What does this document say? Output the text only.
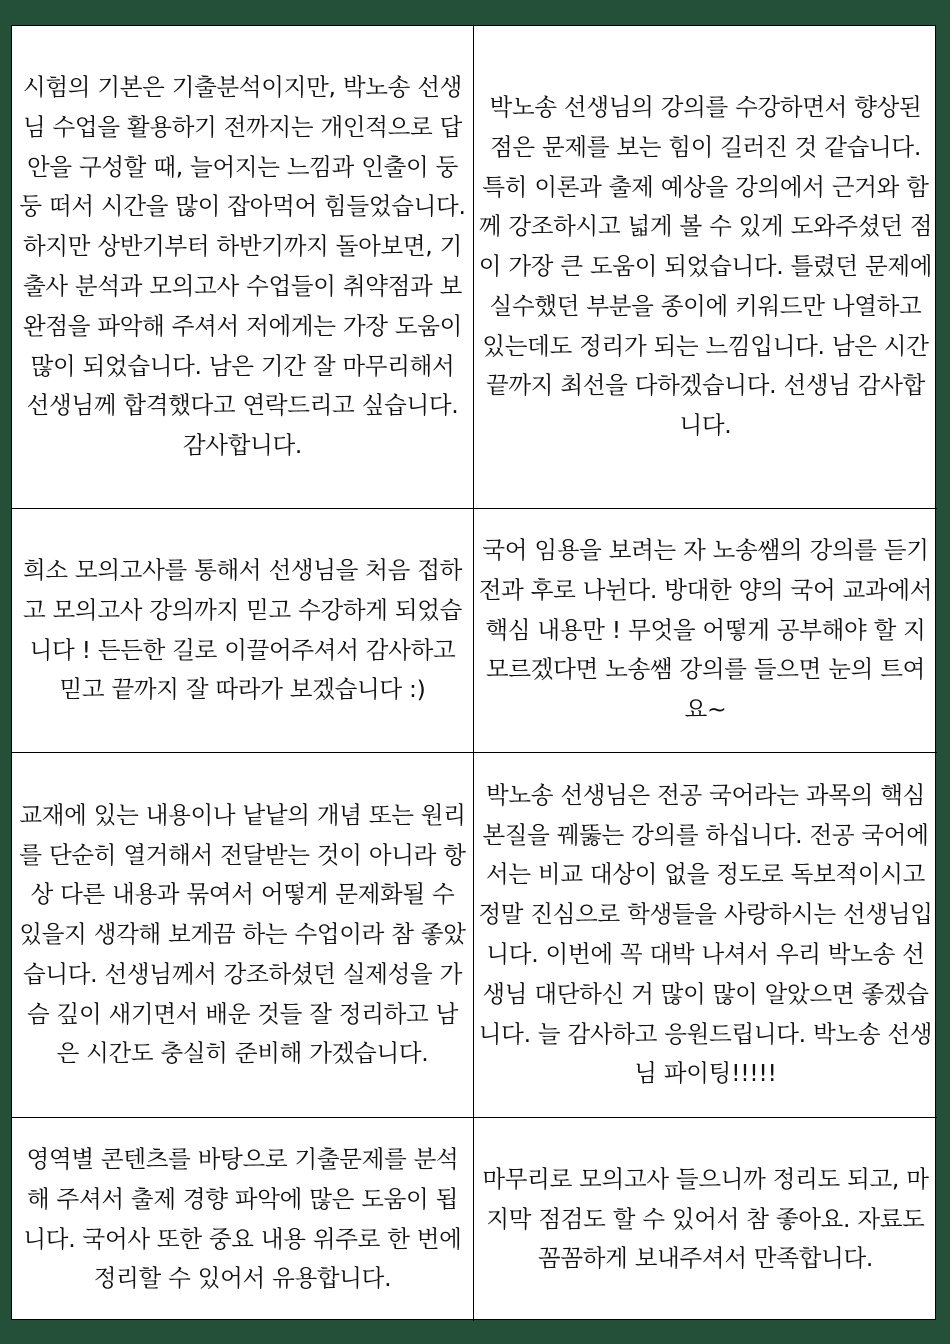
시험의 기본은 기출분석이지만, 박노송 선생님 수업을 활용하기 전까지는 개인적으로 답안을 구성할 때, 늘어지는 느낌과 인출이 둥둥 떠서 시간을 많이 잡아먹어 힘들었습니다. 하지만 상반기부터 하반기까지 돌아보면, 기출사 분석과 모의고사 수업들이 취약점과 보완점을 파악해 주셔서 저에게는 가장 도움이 많이 되었습니다. 남은 기간 잘 마무리해서 선생님께 합격했다고 연락드리고 싶습니다. 감사합니다.

박노송 선생님의 강의를 수강하면서 향상된 점은 문제를 보는 힘이 길러진 것 같습니다. 특히 이론과 출제 예상을 강의에서 근거와 함께 강조하시고 넓게 볼 수 있게 도와주셨던 점이 가장 큰 도움이 되었습니다. 틀렸던 문제에 실수했던 부분을 종이에 키워드만 나열하고 있는데도 정리가 되는 느낌입니다. 남은 시간 끝까지 최선을 다하겠습니다. 선생님 감사합니다.

희소 모의고사를 통해서 선생님을 처음 접하고 모의고사 강의까지 믿고 수강하게 되었습니다 ! 든든한 길로 이끌어주셔서 감사하고 믿고 끝까지 잘 따라가 보겠습니다 :)

국어 임용을 보려는 자 노송쌤의 강의를 듣기 전과 후로 나뉜다. 방대한 양의 국어 교과에서 핵심 내용만 ! 무엇을 어떻게 공부해야 할 지 모르겠다면 노송쌤 강의를 들으면 눈의 트여요~

교재에 있는 내용이나 낱낱의 개념 또는 원리를 단순히 열거해서 전달받는 것이 아니라 항상 다른 내용과 묶여서 어떻게 문제화될 수 있을지 생각해 보게끔 하는 수업이라 참 좋았습니다. 선생님께서 강조하셨던 실제성을 가슴 깊이 새기면서 배운 것들 잘 정리하고 남은 시간도 충실히 준비해 가겠습니다.

박노송 선생님은 전공 국어라는 과목의 핵심 본질을 꿰뚫는 강의를 하십니다. 전공 국어에서는 비교 대상이 없을 정도로 독보적이시고 정말 진심으로 학생들을 사랑하시는 선생님입니다. 이번에 꼭 대박 나셔서 우리 박노송 선생님 대단하신 거 많이 많이 알았으면 좋겠습니다. 늘 감사하고 응원드립니다. 박노송 선생님 파이팅!!!!!

영역별 콘텐츠를 바탕으로 기출문제를 분석해 주셔서 출제 경향 파악에 많은 도움이 됩니다. 국어사 또한 중요 내용 위주로 한 번에 정리할 수 있어서 유용합니다.

마무리로 모의고사 들으니까 정리도 되고, 마지막 점검도 할 수 있어서 참 좋아요. 자료도 꼼꼼하게 보내주셔서 만족합니다.
